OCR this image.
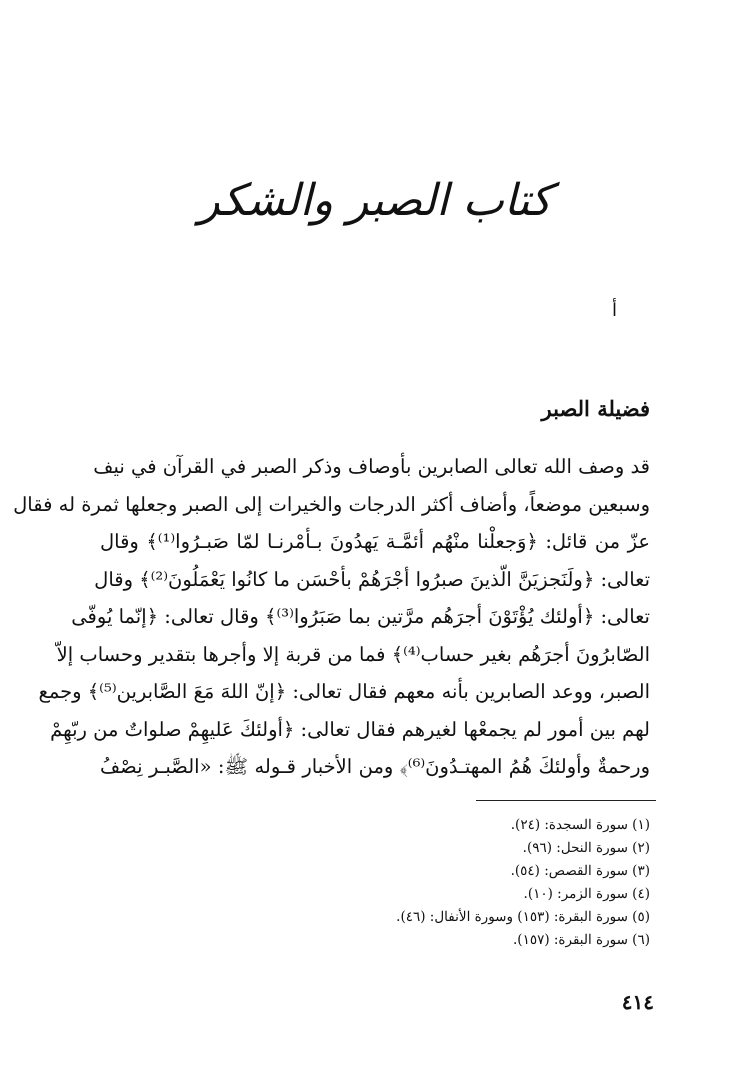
كتاب الصبر والشكر
أ
فضيلة الصبر
قد وصف الله تعالى الصابرين بأوصاف وذكر الصبر في القرآن في نيف
وسبعين موضعاً، وأضاف أكثر الدرجات والخيرات إلى الصبر وجعلها ثمرة له فقال
عزّ من قائل: ﴿وَجعلْنا منْهُم أئمَّـة يَهدُونَ بـأمْرنـا لمّا صَبـرُوا⁽¹⁾﴾ وقال
تعالى: ﴿ولَنَجزيَنَّ الّذينَ صبرُوا أجْرَهُمْ بأحْسَن ما كانُوا يَعْمَلُونَ⁽²⁾﴾ وقال
تعالى: ﴿أولئك يُؤْتَوْنَ أجرَهُم مرَّتين بما صَبَرُوا⁽³⁾﴾ وقال تعالى: ﴿إنّما يُوفّى
الصّابرُونَ أجرَهُم بغير حساب⁽⁴⁾﴾ فما من قربة إلا وأجرها بتقدير وحساب إلاّ
الصبر، ووعد الصابرين بأنه معهم فقال تعالى: ﴿إنّ اللهَ مَعَ الصَّابرين⁽⁵⁾﴾ وجمع
لهم بين أمور لم يجمعْها لغيرهم فقال تعالى: ﴿أولئكَ عَليهِمْ صلواتٌ من ربّهِمْ
ورحمةٌ وأولئكَ هُمُ المهتـدُونَ⁽⁶⁾﴾ ومن الأخبار قـوله ﷺ: «الصَّبـر نِصْفُ
(١) سورة السجدة: (٢٤).
(٢) سورة النحل: (٩٦).
(٣) سورة القصص: (٥٤).
(٤) سورة الزمر: (١٠).
(٥) سورة البقرة: (١٥٣) وسورة الأنفال: (٤٦).
(٦) سورة البقرة: (١٥٧).
٤١٤
